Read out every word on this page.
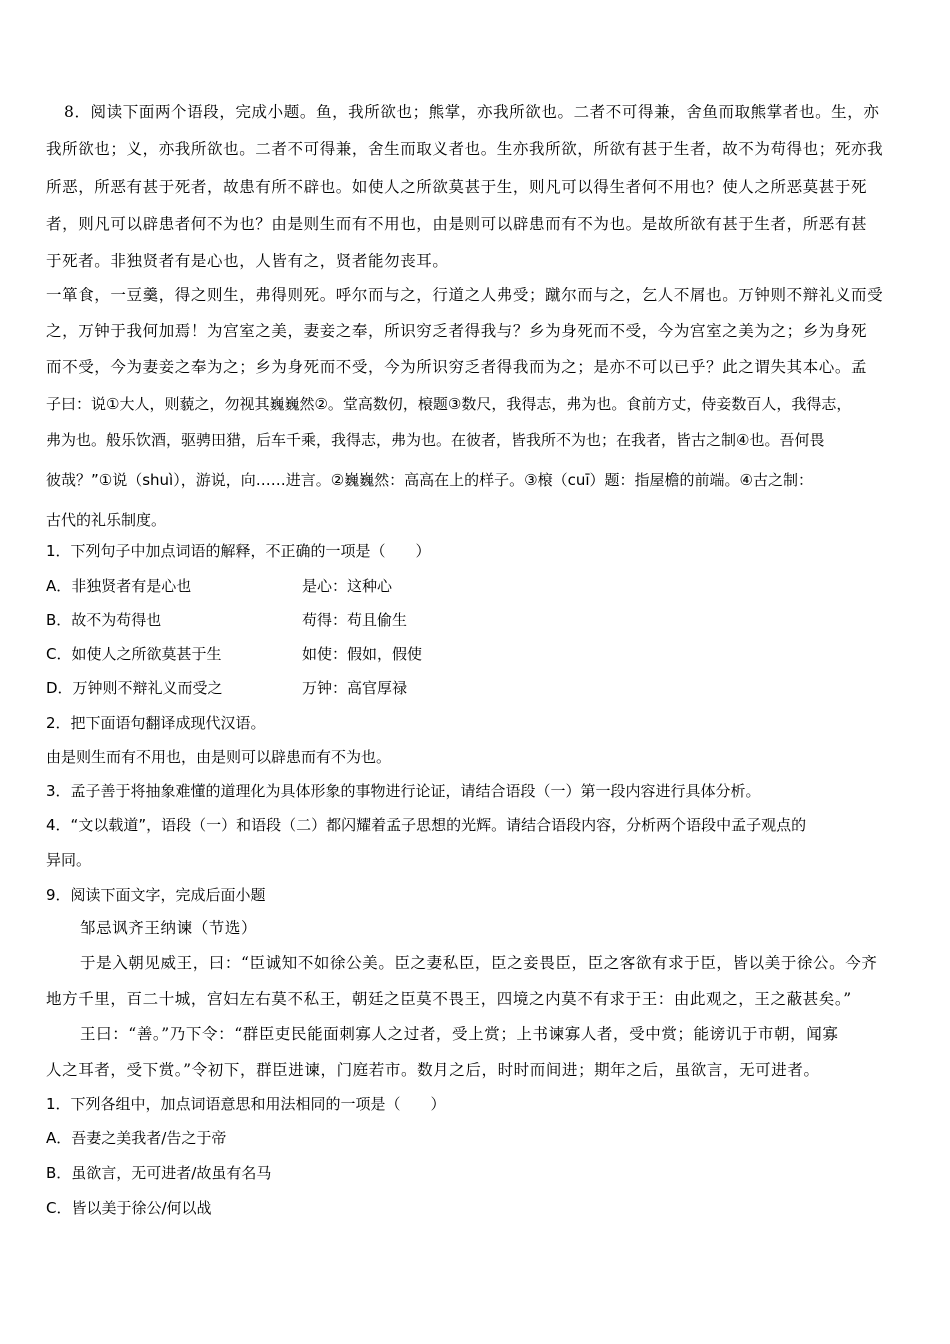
8．阅读下面两个语段，完成小题。鱼，我所欲也；熊掌，亦我所欲也。二者不可得兼，舍鱼而取熊掌者也。生，亦
我所欲也；义，亦我所欲也。二者不可得兼，舍生而取义者也。生亦我所欲，所欲有甚于生者，故不为苟得也；死亦我
所恶，所恶有甚于死者，故患有所不辟也。如使人之所欲莫甚于生，则凡可以得生者何不用也？使人之所恶莫甚于死
者，则凡可以辟患者何不为也？由是则生而有不用也，由是则可以辟患而有不为也。是故所欲有甚于生者，所恶有甚
于死者。非独贤者有是心也，人皆有之，贤者能勿丧耳。
一箪食，一豆羹，得之则生，弗得则死。呼尔而与之，行道之人弗受；蹴尔而与之，乞人不屑也。万钟则不辩礼义而受
之，万钟于我何加焉！为宫室之美，妻妾之奉，所识穷乏者得我与？乡为身死而不受，今为宫室之美为之；乡为身死
而不受，今为妻妾之奉为之；乡为身死而不受，今为所识穷乏者得我而为之；是亦不可以已乎？此之谓失其本心。孟
子曰：说①大人，则藐之，勿视其巍巍然②。堂高数仞，榱题③数尺，我得志，弗为也。食前方丈，侍妾数百人，我得志，
弗为也。般乐饮酒，驱骋田猎，后车千乘，我得志，弗为也。在彼者，皆我所不为也；在我者，皆古之制④也。吾何畏
彼哉？”①说（shuì），游说，向……进言。②巍巍然：高高在上的样子。③榱（cuī）题：指屋檐的前端。④古之制：
古代的礼乐制度。
1．下列句子中加点词语的解释，不正确的一项是（　　）
A．非独贤者有是心也	是心：这种心
B．故不为苟得也	苟得：苟且偷生
C．如使人之所欲莫甚于生	如使：假如，假使
D．万钟则不辩礼义而受之	万钟：高官厚禄
2．把下面语句翻译成现代汉语。
由是则生而有不用也，由是则可以辟患而有不为也。
3．孟子善于将抽象难懂的道理化为具体形象的事物进行论证，请结合语段（一）第一段内容进行具体分析。
4．“文以载道”，语段（一）和语段（二）都闪耀着孟子思想的光辉。请结合语段内容，分析两个语段中孟子观点的
异同。
9．阅读下面文字，完成后面小题
邹忌讽齐王纳谏（节选）
于是入朝见威王，曰：“臣诚知不如徐公美。臣之妻私臣，臣之妾畏臣，臣之客欲有求于臣，皆以美于徐公。今齐
地方千里，百二十城，宫妇左右莫不私王，朝廷之臣莫不畏王，四境之内莫不有求于王：由此观之，王之蔽甚矣。”
王曰：“善。”乃下令：“群臣吏民能面刺寡人之过者，受上赏；上书谏寡人者，受中赏；能谤讥于市朝，闻寡
人之耳者，受下赏。”令初下，群臣进谏，门庭若市。数月之后，时时而间进；期年之后，虽欲言，无可进者。
1．下列各组中，加点词语意思和用法相同的一项是（　　）
A．吾妻之美我者/告之于帝
B．虽欲言，无可进者/故虽有名马
C．皆以美于徐公/何以战
